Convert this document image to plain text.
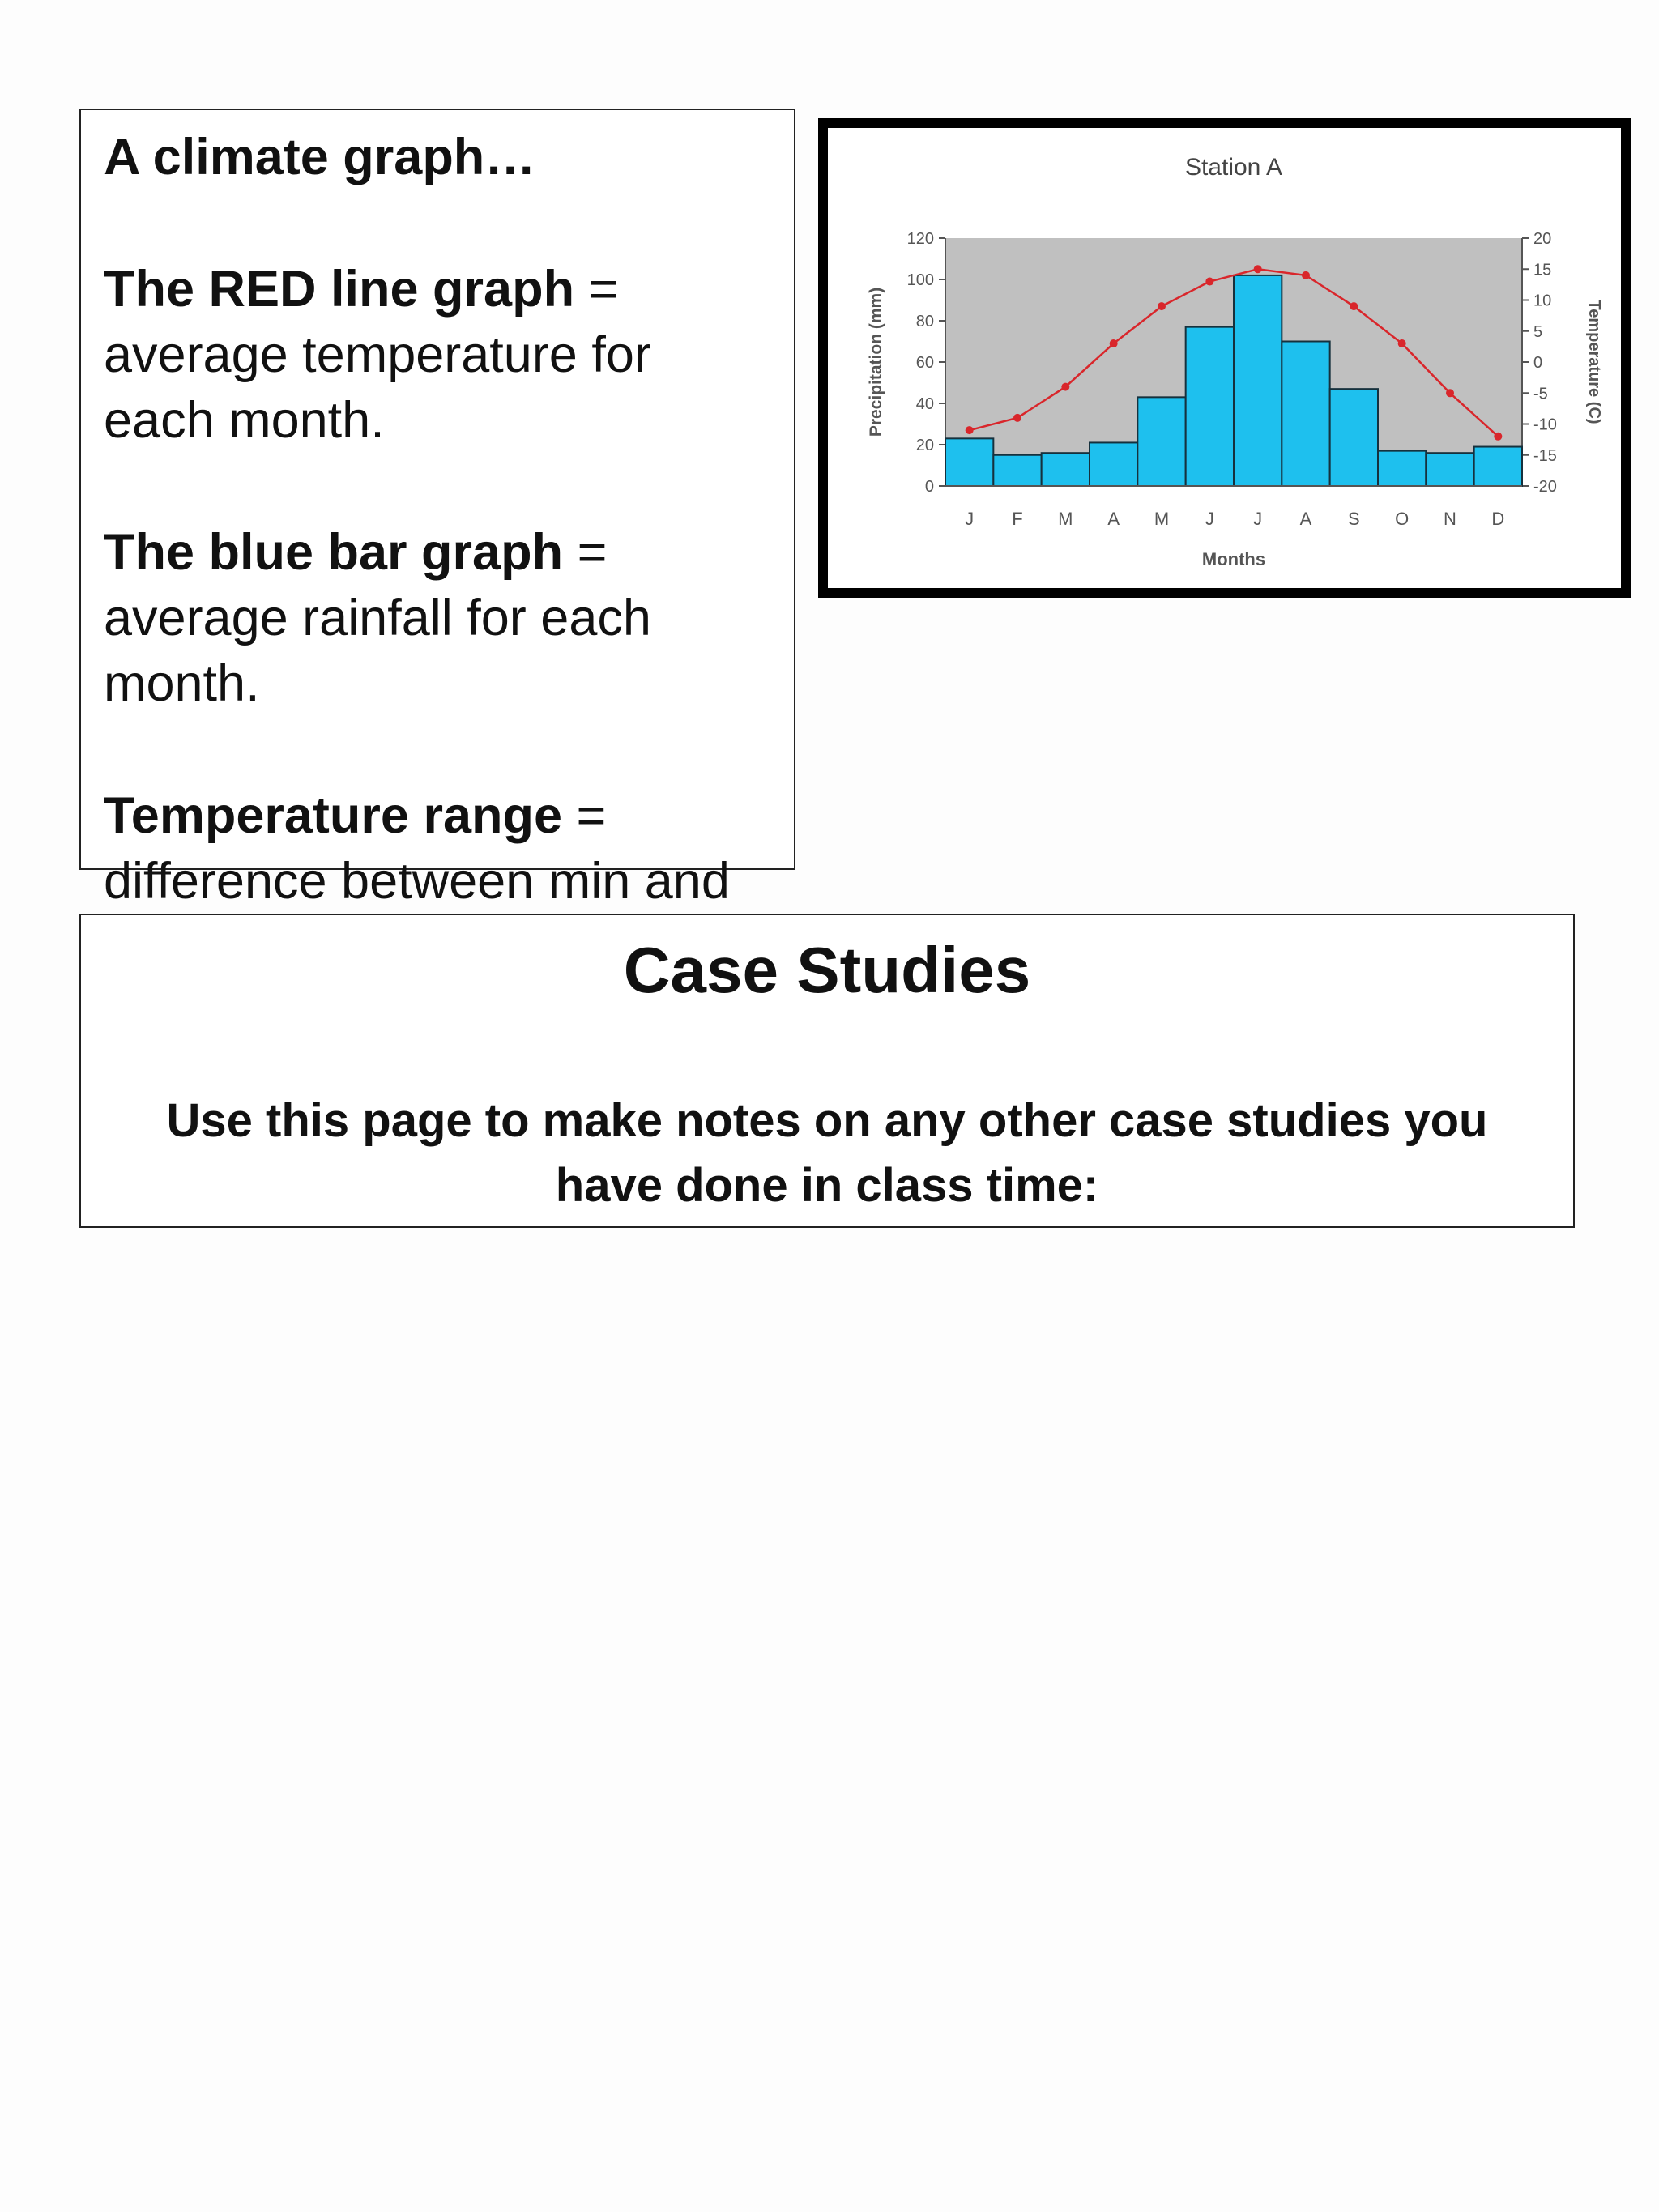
A climate graph…

The RED line graph = average temperature for each month.

The blue bar graph = average rainfall for each month.

Temperature range = difference between min and

Station A
0
20
40
60
80
100
120
Precipitation (mm)
-20
-15
-10
-5
0
5
10
15
20
Temperature (C)
J F M A M J J A S O N D
Months
Case Studies
Use this page to make notes on any other case studies you have done in class time:
